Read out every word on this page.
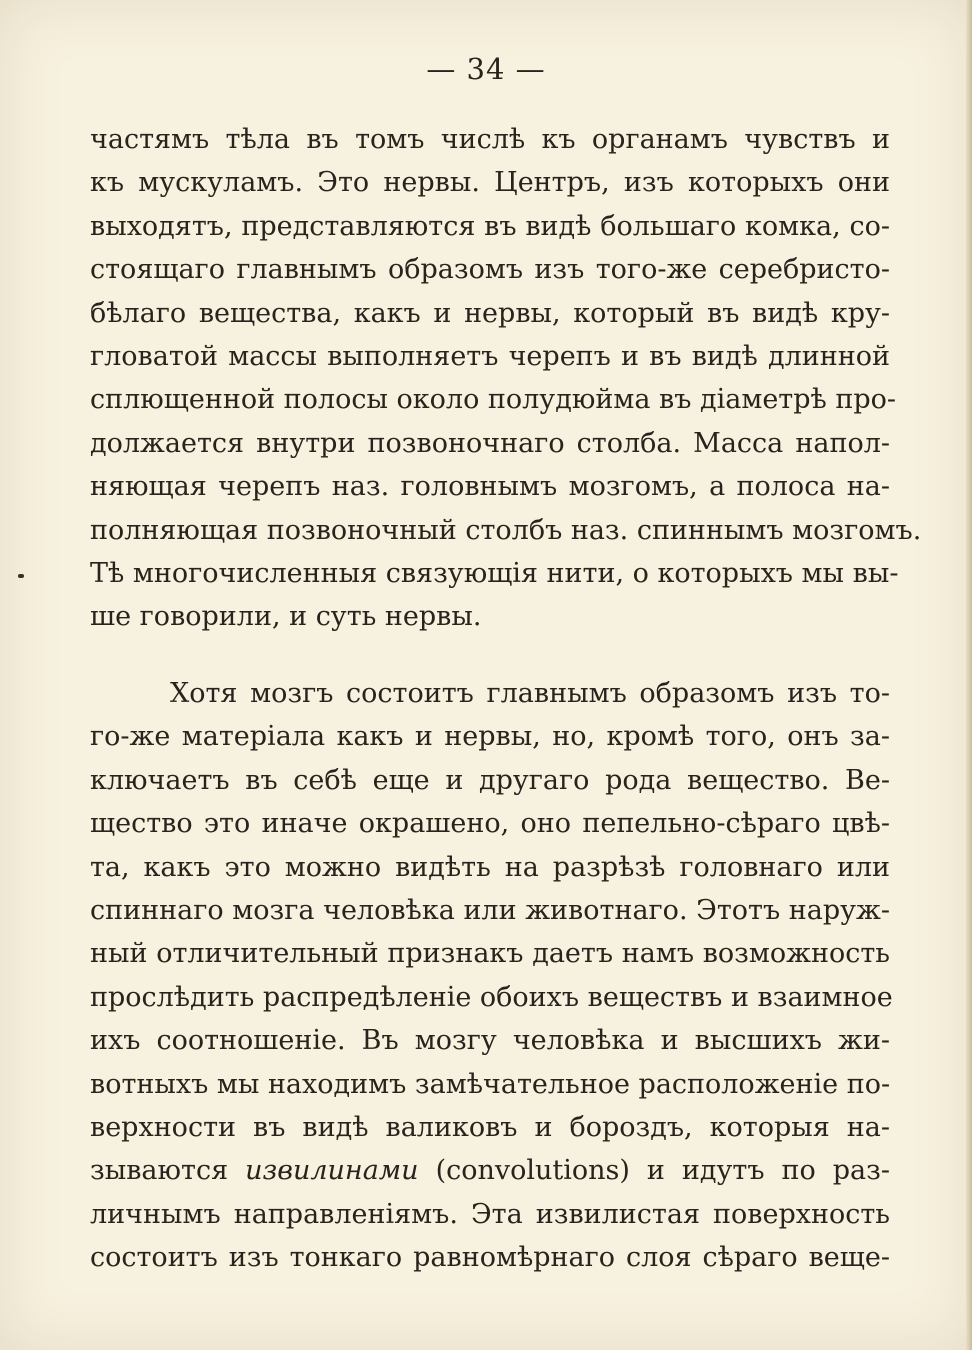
— 34 —
частямъ тѣла въ томъ числѣ къ органамъ чувствъ и
къ мускуламъ. Это нервы. Центръ, изъ которыхъ они
выходятъ, представляются въ видѣ большаго комка, со-
стоящаго главнымъ образомъ изъ того-же серебристо-
бѣлаго вещества, какъ и нервы, который въ видѣ кру-
гловатой массы выполняетъ черепъ и въ видѣ длинной
сплющенной полосы около полудюйма въ діаметрѣ про-
должается внутри позвоночнаго столба. Масса напол-
няющая черепъ наз. головнымъ мозгомъ, а полоса на-
полняющая позвоночный столбъ наз. спиннымъ мозгомъ.
Тѣ многочисленныя связующія нити, о которыхъ мы вы-
ше говорили, и суть нервы.
Хотя мозгъ состоитъ главнымъ образомъ изъ то-
го-же матеріала какъ и нервы, но, кромѣ того, онъ за-
ключаетъ въ себѣ еще и другаго рода вещество. Ве-
щество это иначе окрашено, оно пепельно-сѣраго цвѣ-
та, какъ это можно видѣть на разрѣзѣ головнаго или
спиннаго мозга человѣка или животнаго. Этотъ наруж-
ный отличительный признакъ даетъ намъ возможность
прослѣдить распредѣленіе обоихъ веществъ и взаимное
ихъ соотношеніе. Въ мозгу человѣка и высшихъ жи-
вотныхъ мы находимъ замѣчательное расположеніе по-
верхности въ видѣ валиковъ и бороздъ, которыя на-
зываются извилинами (convolutions) и идутъ по раз-
личнымъ направленіямъ. Эта извилистая поверхность
состоитъ изъ тонкаго равномѣрнаго слоя сѣраго веще-
